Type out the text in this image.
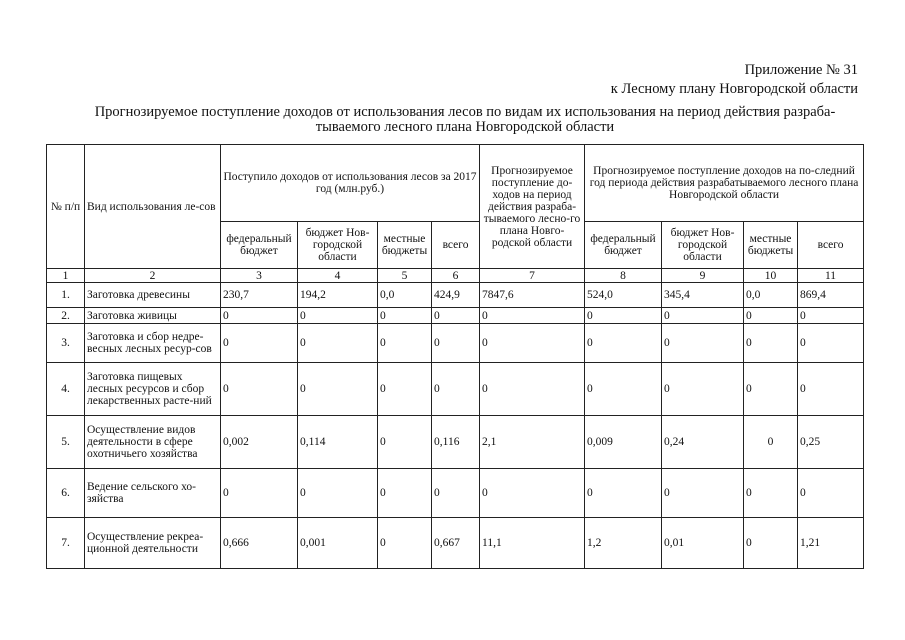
Приложение № 31
к Лесному плану Новгородской области
Прогнозируемое поступление доходов от использования лесов по видам их использования на период действия разраба-
тываемого лесного плана Новгородской области
№ п/п	Вид использования ле-сов	Поступило доходов от использования лесов за 2017 год (млн.руб.)				Прогнозируемое поступление до-ходов на период действия разраба-тываемого лесно-го плана Новго-родской области	Прогнозируемое поступление доходов на по-следний год периода действия разрабатываемого лесного плана Новгородской области			
		федеральный бюджет	бюджет Нов-городской области	местные бюджеты	всего		федеральный бюджет	бюджет Нов-городской области	местные бюджеты	всего
1	2	3	4	5	6	7	8	9	10	11
1.	Заготовка древесины	230,7	194,2	0,0	424,9	7847,6	524,0	345,4	0,0	869,4
2.	Заготовка живицы	0	0	0	0	0	0	0	0	0
3.	Заготовка и сбор недре-весных лесных ресур-сов	0	0	0	0	0	0	0	0	0
4.	Заготовка пищевых лесных ресурсов и сбор лекарственных расте-ний	0	0	0	0	0	0	0	0	0
5.	Осуществление видов деятельности в сфере охотничьего хозяйства	0,002	0,114	0	0,116	2,1	0,009	0,24	0	0,25
6.	Ведение сельского хо-зяйства	0	0	0	0	0	0	0	0	0
7.	Осуществление рекреа-ционной деятельности	0,666	0,001	0	0,667	11,1	1,2	0,01	0	1,21
